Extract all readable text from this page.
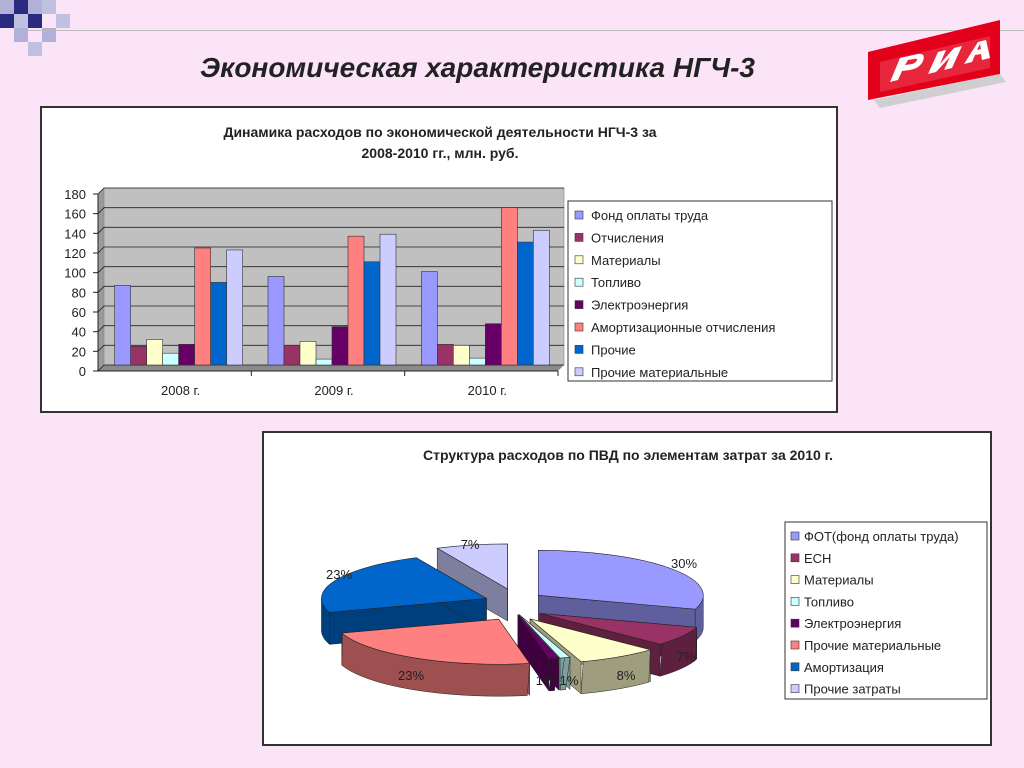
Экономическая характеристика НГЧ-3
Динамика расходов по экономической деятельности НГЧ-3 за
2008-2010 гг., млн. руб.
0
20
40
60
80
100
120
140
160
180
2008 г.	2009 г.	2010 г.
Фонд оплаты труда
Отчисления
Материалы
Топливо
Электроэнергия
Амортизационные отчисления
Прочие
Прочие материальные
Структура расходов по ПВД по элементам затрат за 2010 г.
30%
7%
8%
1%
1%
23%
23%
7%
ФОТ(фонд оплаты труда)
ЕСН
Материалы
Топливо
Электроэнергия
Прочие материальные
Амортизация
Прочие затраты
